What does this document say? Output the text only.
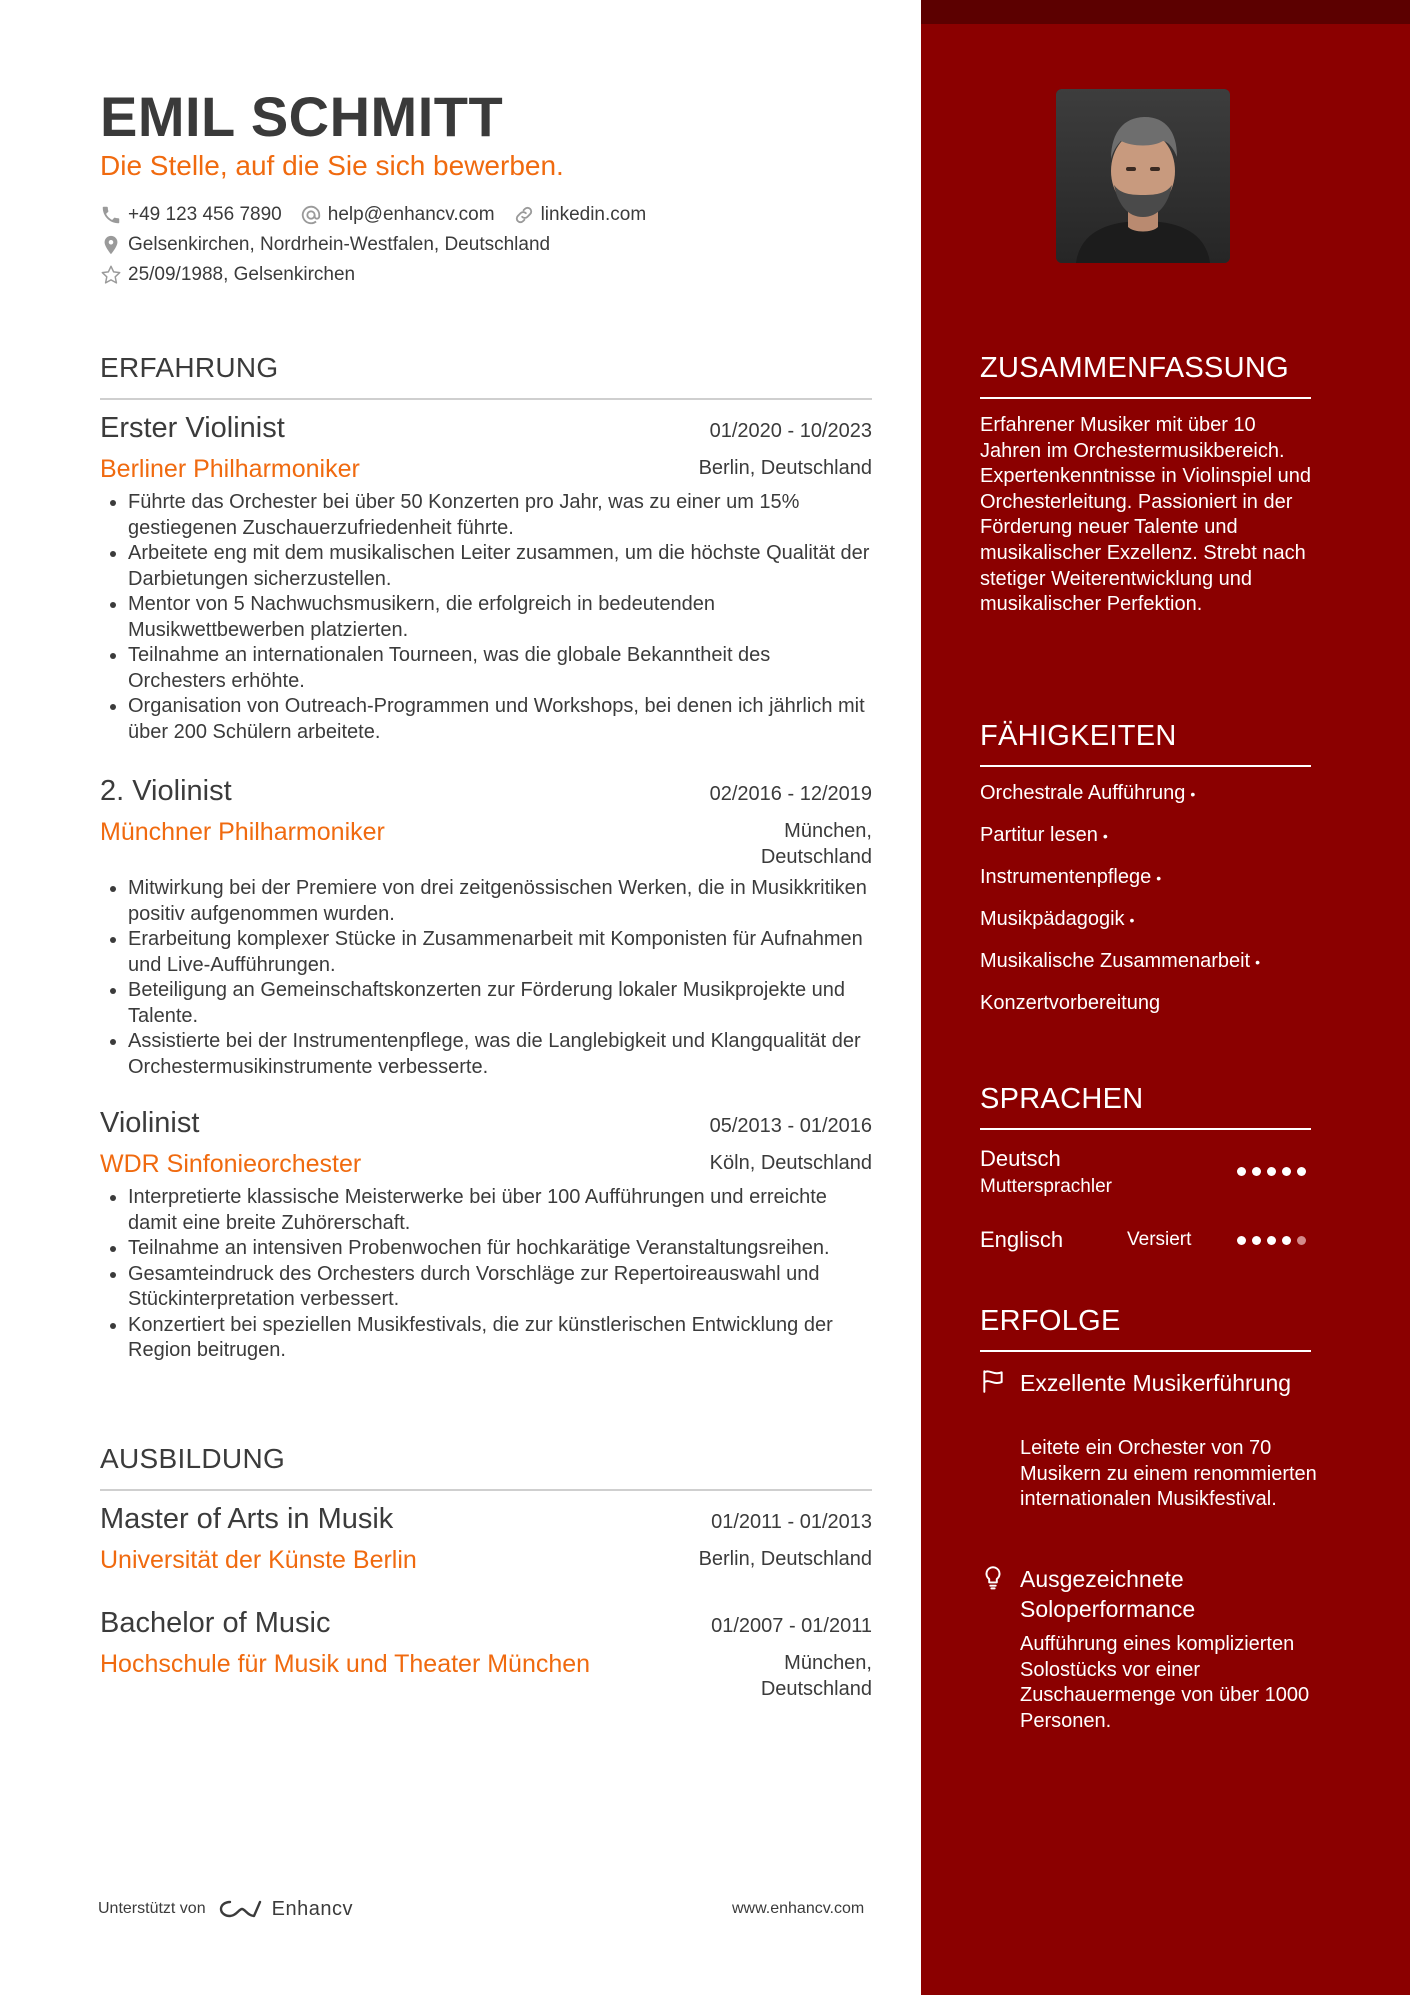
EMIL SCHMITT
Die Stelle, auf die Sie sich bewerben.
+49 123 456 7890 help@enhancv.com linkedin.com
Gelsenkirchen, Nordrhein-Westfalen, Deutschland
25/09/1988, Gelsenkirchen
ERFAHRUNG
Erster Violinist	01/2020 - 10/2023
Berliner Philharmoniker	Berlin, Deutschland
• Führte das Orchester bei über 50 Konzerten pro Jahr, was zu einer um 15% gestiegenen Zuschauerzufriedenheit führte.
• Arbeitete eng mit dem musikalischen Leiter zusammen, um die höchste Qualität der Darbietungen sicherzustellen.
• Mentor von 5 Nachwuchsmusikern, die erfolgreich in bedeutenden Musikwettbewerben platzierten.
• Teilnahme an internationalen Tourneen, was die globale Bekanntheit des Orchesters erhöhte.
• Organisation von Outreach-Programmen und Workshops, bei denen ich jährlich mit über 200 Schülern arbeitete.
2. Violinist	02/2016 - 12/2019
Münchner Philharmoniker	München,
Deutschland
• Mitwirkung bei der Premiere von drei zeitgenössischen Werken, die in Musikkritiken positiv aufgenommen wurden.
• Erarbeitung komplexer Stücke in Zusammenarbeit mit Komponisten für Aufnahmen und Live-Aufführungen.
• Beteiligung an Gemeinschaftskonzerten zur Förderung lokaler Musikprojekte und Talente.
• Assistierte bei der Instrumentenpflege, was die Langlebigkeit und Klangqualität der Orchestermusikinstrumente verbesserte.
Violinist	05/2013 - 01/2016
WDR Sinfonieorchester	Köln, Deutschland
• Interpretierte klassische Meisterwerke bei über 100 Aufführungen und erreichte damit eine breite Zuhörerschaft.
• Teilnahme an intensiven Probenwochen für hochkarätige Veranstaltungsreihen.
• Gesamteindruck des Orchesters durch Vorschläge zur Repertoireauswahl und Stückinterpretation verbessert.
• Konzertiert bei speziellen Musikfestivals, die zur künstlerischen Entwicklung der Region beitrugen.
AUSBILDUNG
Master of Arts in Musik	01/2011 - 01/2013
Universität der Künste Berlin	Berlin, Deutschland
Bachelor of Music	01/2007 - 01/2011
Hochschule für Musik und Theater München	München,
Deutschland
Unterstützt von	Enhancv	www.enhancv.com
ZUSAMMENFASSUNG
Erfahrener Musiker mit über 10 Jahren im Orchestermusikbereich. Expertenkenntnisse in Violinspiel und Orchesterleitung. Passioniert in der Förderung neuer Talente und musikalischer Exzellenz. Strebt nach stetiger Weiterentwicklung und musikalischer Perfektion.
FÄHIGKEITEN
Orchestrale Aufführung •
Partitur lesen •
Instrumentenpflege •
Musikpädagogik •
Musikalische Zusammenarbeit •
Konzertvorbereitung
SPRACHEN
Deutsch
Muttersprachler
Englisch	Versiert
ERFOLGE
Exzellente Musikerführung
Leitete ein Orchester von 70 Musikern zu einem renommierten internationalen Musikfestival.
Ausgezeichnete Soloperformance
Aufführung eines komplizierten Solostücks vor einer Zuschauermenge von über 1000 Personen.
